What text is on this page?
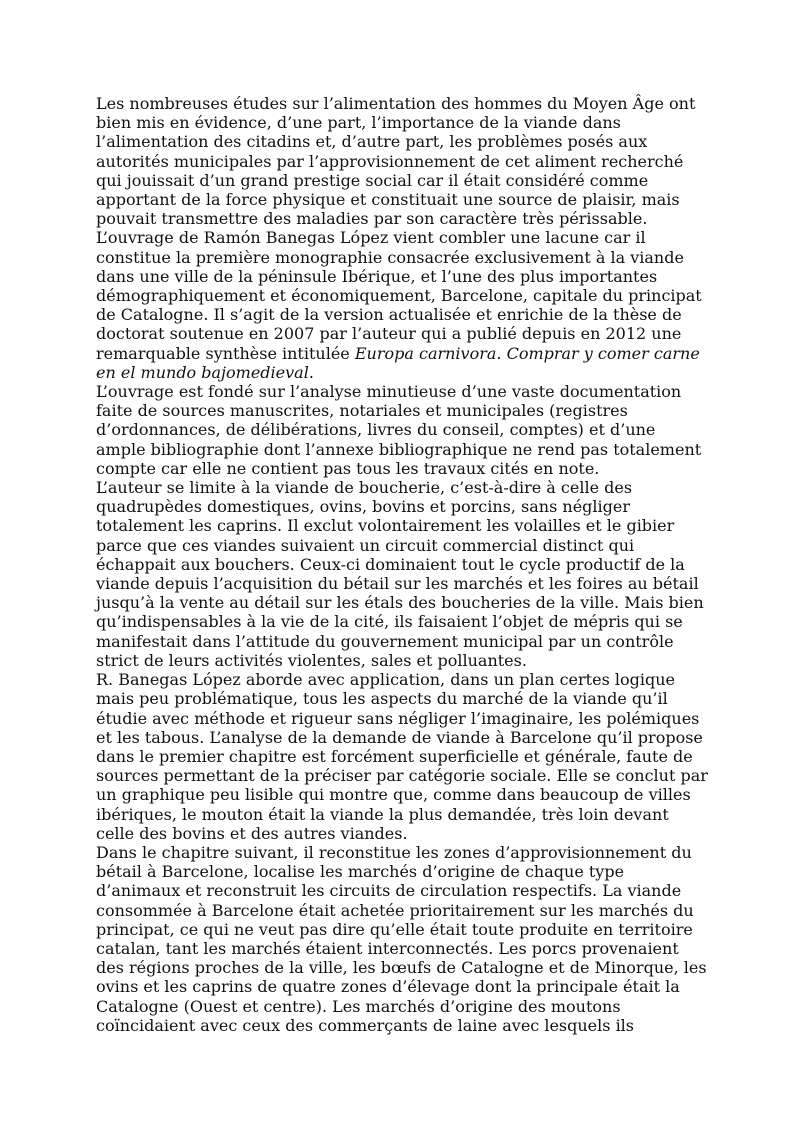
Les nombreuses études sur l’alimentation des hommes du Moyen Âge ont bien mis en évidence, d’une part, l’importance de la viande dans l’alimentation des citadins et, d’autre part, les problèmes posés aux autorités municipales par l’approvisionnement de cet aliment recherché qui jouissait d’un grand prestige social car il était considéré comme apportant de la force physique et constituait une source de plaisir, mais pouvait transmettre des maladies par son caractère très périssable.

L’ouvrage de Ramón Banegas López vient combler une lacune car il constitue la première monographie consacrée exclusivement à la viande dans une ville de la péninsule Ibérique, et l’une des plus importantes démographiquement et économiquement, Barcelone, capitale du principat de Catalogne. Il s’agit de la version actualisée et enrichie de la thèse de doctorat soutenue en 2007 par l’auteur qui a publié depuis en 2012 une remarquable synthèse intitulée Europa carnivora. Comprar y comer carne en el mundo bajomedieval.

L’ouvrage est fondé sur l’analyse minutieuse d’une vaste documentation faite de sources manuscrites, notariales et municipales (registres d’ordonnances, de délibérations, livres du conseil, comptes) et d’une ample bibliographie dont l’annexe bibliographique ne rend pas totalement compte car elle ne contient pas tous les travaux cités en note.

L’auteur se limite à la viande de boucherie, c’est-à-dire à celle des quadrupèdes domestiques, ovins, bovins et porcins, sans négliger totalement les caprins. Il exclut volontairement les volailles et le gibier parce que ces viandes suivaient un circuit commercial distinct qui échappait aux bouchers. Ceux-ci dominaient tout le cycle productif de la viande depuis l’acquisition du bétail sur les marchés et les foires au bétail jusqu’à la vente au détail sur les étals des boucheries de la ville. Mais bien qu’indispensables à la vie de la cité, ils faisaient l’objet de mépris qui se manifestait dans l’attitude du gouvernement municipal par un contrôle strict de leurs activités violentes, sales et polluantes.

R. Banegas López aborde avec application, dans un plan certes logique mais peu problématique, tous les aspects du marché de la viande qu’il étudie avec méthode et rigueur sans négliger l’imaginaire, les polémiques et les tabous. L’analyse de la demande de viande à Barcelone qu’il propose dans le premier chapitre est forcément superficielle et générale, faute de sources permettant de la préciser par catégorie sociale. Elle se conclut par un graphique peu lisible qui montre que, comme dans beaucoup de villes ibériques, le mouton était la viande la plus demandée, très loin devant celle des bovins et des autres viandes.

Dans le chapitre suivant, il reconstitue les zones d’approvisionnement du bétail à Barcelone, localise les marchés d’origine de chaque type d’animaux et reconstruit les circuits de circulation respectifs. La viande consommée à Barcelone était achetée prioritairement sur les marchés du principat, ce qui ne veut pas dire qu’elle était toute produite en territoire catalan, tant les marchés étaient interconnectés. Les porcs provenaient des régions proches de la ville, les bœufs de Catalogne et de Minorque, les ovins et les caprins de quatre zones d’élevage dont la principale était la Catalogne (Ouest et centre). Les marchés d’origine des moutons coïncidaient avec ceux des commerçants de laine avec lesquels ils
